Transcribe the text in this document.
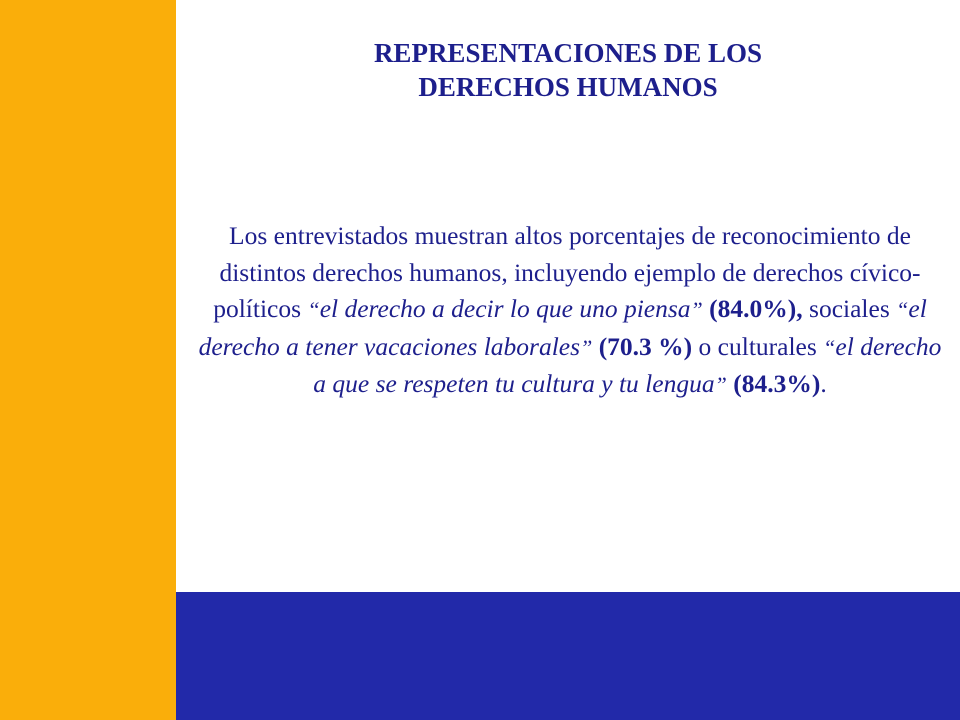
REPRESENTACIONES DE LOS
DERECHOS HUMANOS

Los entrevistados muestran altos porcentajes de reconocimiento de distintos derechos humanos, incluyendo ejemplo de derechos cívico-políticos “el derecho a decir lo que uno piensa” (84.0%), sociales “el derecho a tener vacaciones laborales” (70.3 %) o culturales “el derecho a que se respeten tu cultura y tu lengua” (84.3%).
